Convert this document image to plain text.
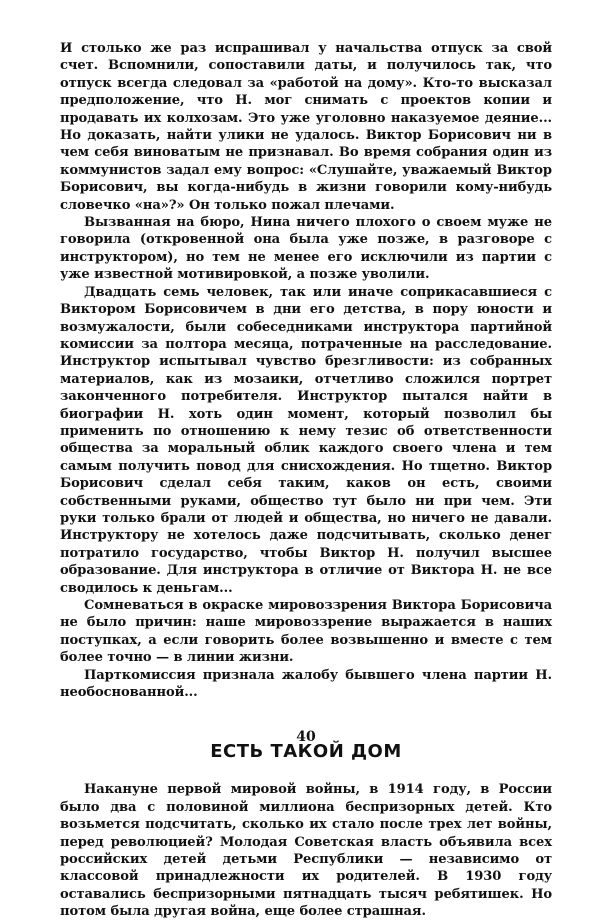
И столько же раз испрашивал у начальства отпуск за свой счет. Вспомнили, сопоставили даты, и получилось так, что отпуск всегда следовал за «работой на дому». Кто-то высказал предположение, что Н. мог снимать с проектов копии и продавать их колхозам. Это уже уголовно наказуемое деяние... Но доказать, найти улики не удалось. Виктор Борисович ни в чем себя виноватым не признавал. Во время собрания один из коммунистов задал ему вопрос: «Слушайте, уважаемый Виктор Борисович, вы когда-нибудь в жизни говорили кому-нибудь словечко «на»?» Он только пожал плечами.

Вызванная на бюро, Нина ничего плохого о своем муже не говорила (откровенной она была уже позже, в разговоре с инструктором), но тем не менее его исключили из партии с уже известной мотивировкой, а позже уволили.

Двадцать семь человек, так или иначе соприкасавшиеся с Виктором Борисовичем в дни его детства, в пору юности и возмужалости, были собеседниками инструктора партийной комиссии за полтора месяца, потраченные на расследование. Инструктор испытывал чувство брезгливости: из собранных материалов, как из мозаики, отчетливо сложился портрет законченного потребителя. Инструктор пытался найти в биографии Н. хоть один момент, который позволил бы применить по отношению к нему тезис об ответственности общества за моральный облик каждого своего члена и тем самым получить повод для снисхождения. Но тщетно. Виктор Борисович сделал себя таким, каков он есть, своими собственными руками, общество тут было ни при чем. Эти руки только брали от людей и общества, но ничего не давали. Инструктору не хотелось даже подсчитывать, сколько денег потратило государство, чтобы Виктор Н. получил высшее образование. Для инструктора в отличие от Виктора Н. не все сводилось к деньгам...

Сомневаться в окраске мировоззрения Виктора Борисовича не было причин: наше мировоззрение выражается в наших поступках, а если говорить более возвышенно и вместе с тем более точно — в линии жизни.

Парткомиссия признала жалобу бывшего члена партии Н. необоснованной...

ЕСТЬ ТАКОЙ ДОМ

Накануне первой мировой войны, в 1914 году, в России было два с половиной миллиона беспризорных детей. Кто возьмется подсчитать, сколько их стало после трех лет войны, перед революцией? Молодая Советская власть объявила всех российских детей детьми Республики — независимо от классовой принадлежности их родителей. В 1930 году оставались беспризорными пятнадцать тысяч ребятишек. Но потом была другая война, еще более страшная.

40
